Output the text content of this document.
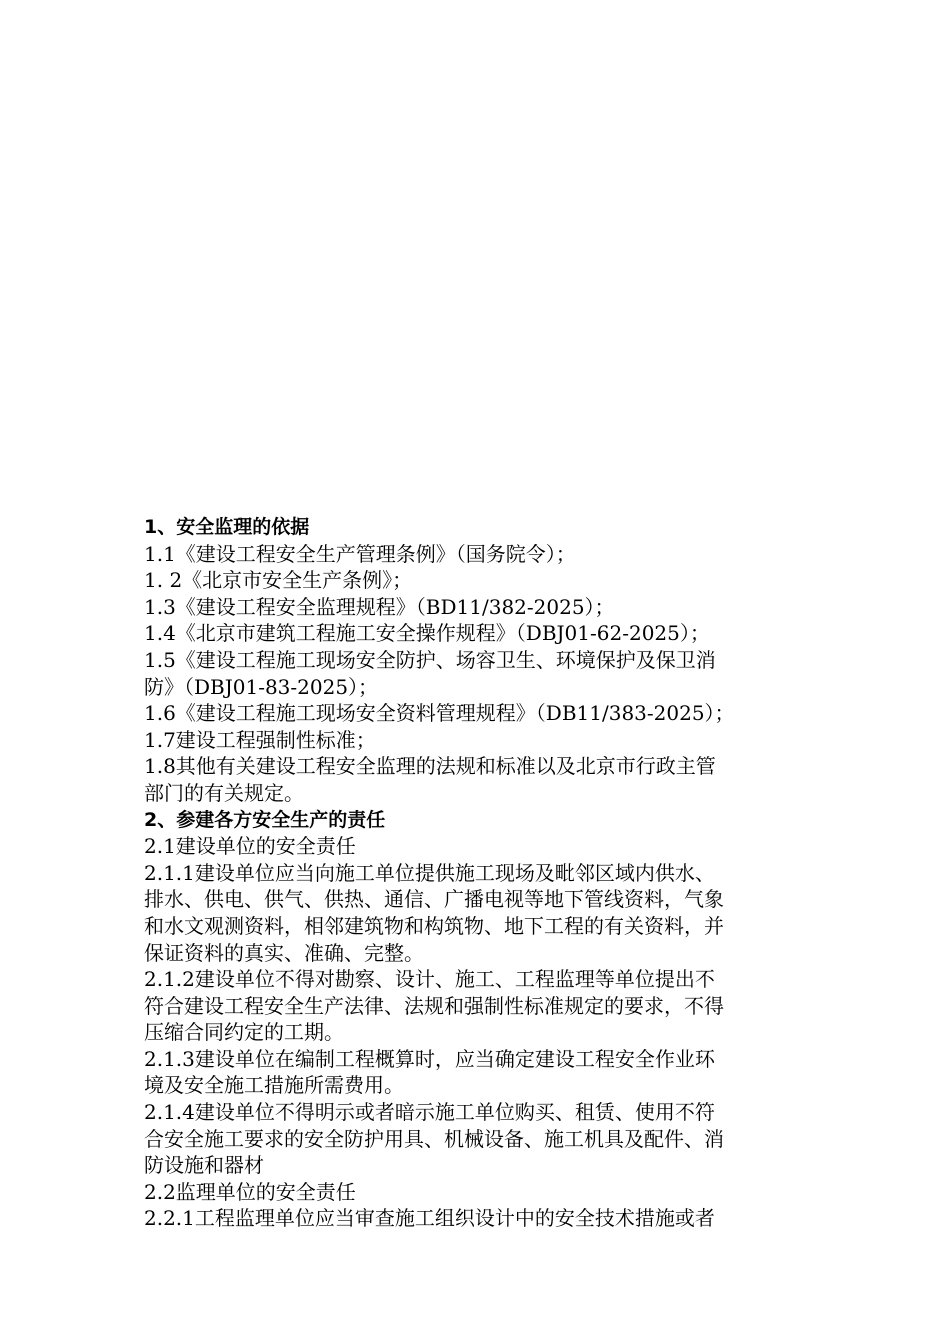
1、安全监理的依据
1.1《建设工程安全生产管理条例》（国务院令）；
1. 2《北京市安全生产条例》；
1.3《建设工程安全监理规程》（BD11/382-2025）；
1.4《北京市建筑工程施工安全操作规程》（DBJ01-62-2025）；
1.5《建设工程施工现场安全防护、场容卫生、环境保护及保卫消
防》（DBJ01-83-2025）；
1.6《建设工程施工现场安全资料管理规程》（DB11/383-2025）；
1.7建设工程强制性标准；
1.8其他有关建设工程安全监理的法规和标准以及北京市行政主管
部门的有关规定。
2、参建各方安全生产的责任
2.1建设单位的安全责任
2.1.1建设单位应当向施工单位提供施工现场及毗邻区域内供水、
排水、供电、供气、供热、通信、广播电视等地下管线资料，气象
和水文观测资料，相邻建筑物和构筑物、地下工程的有关资料，并
保证资料的真实、准确、完整。
2.1.2建设单位不得对勘察、设计、施工、工程监理等单位提出不
符合建设工程安全生产法律、法规和强制性标准规定的要求，不得
压缩合同约定的工期。
2.1.3建设单位在编制工程概算时，应当确定建设工程安全作业环
境及安全施工措施所需费用。
2.1.4建设单位不得明示或者暗示施工单位购买、租赁、使用不符
合安全施工要求的安全防护用具、机械设备、施工机具及配件、消
防设施和器材
2.2监理单位的安全责任
2.2.1工程监理单位应当审查施工组织设计中的安全技术措施或者
